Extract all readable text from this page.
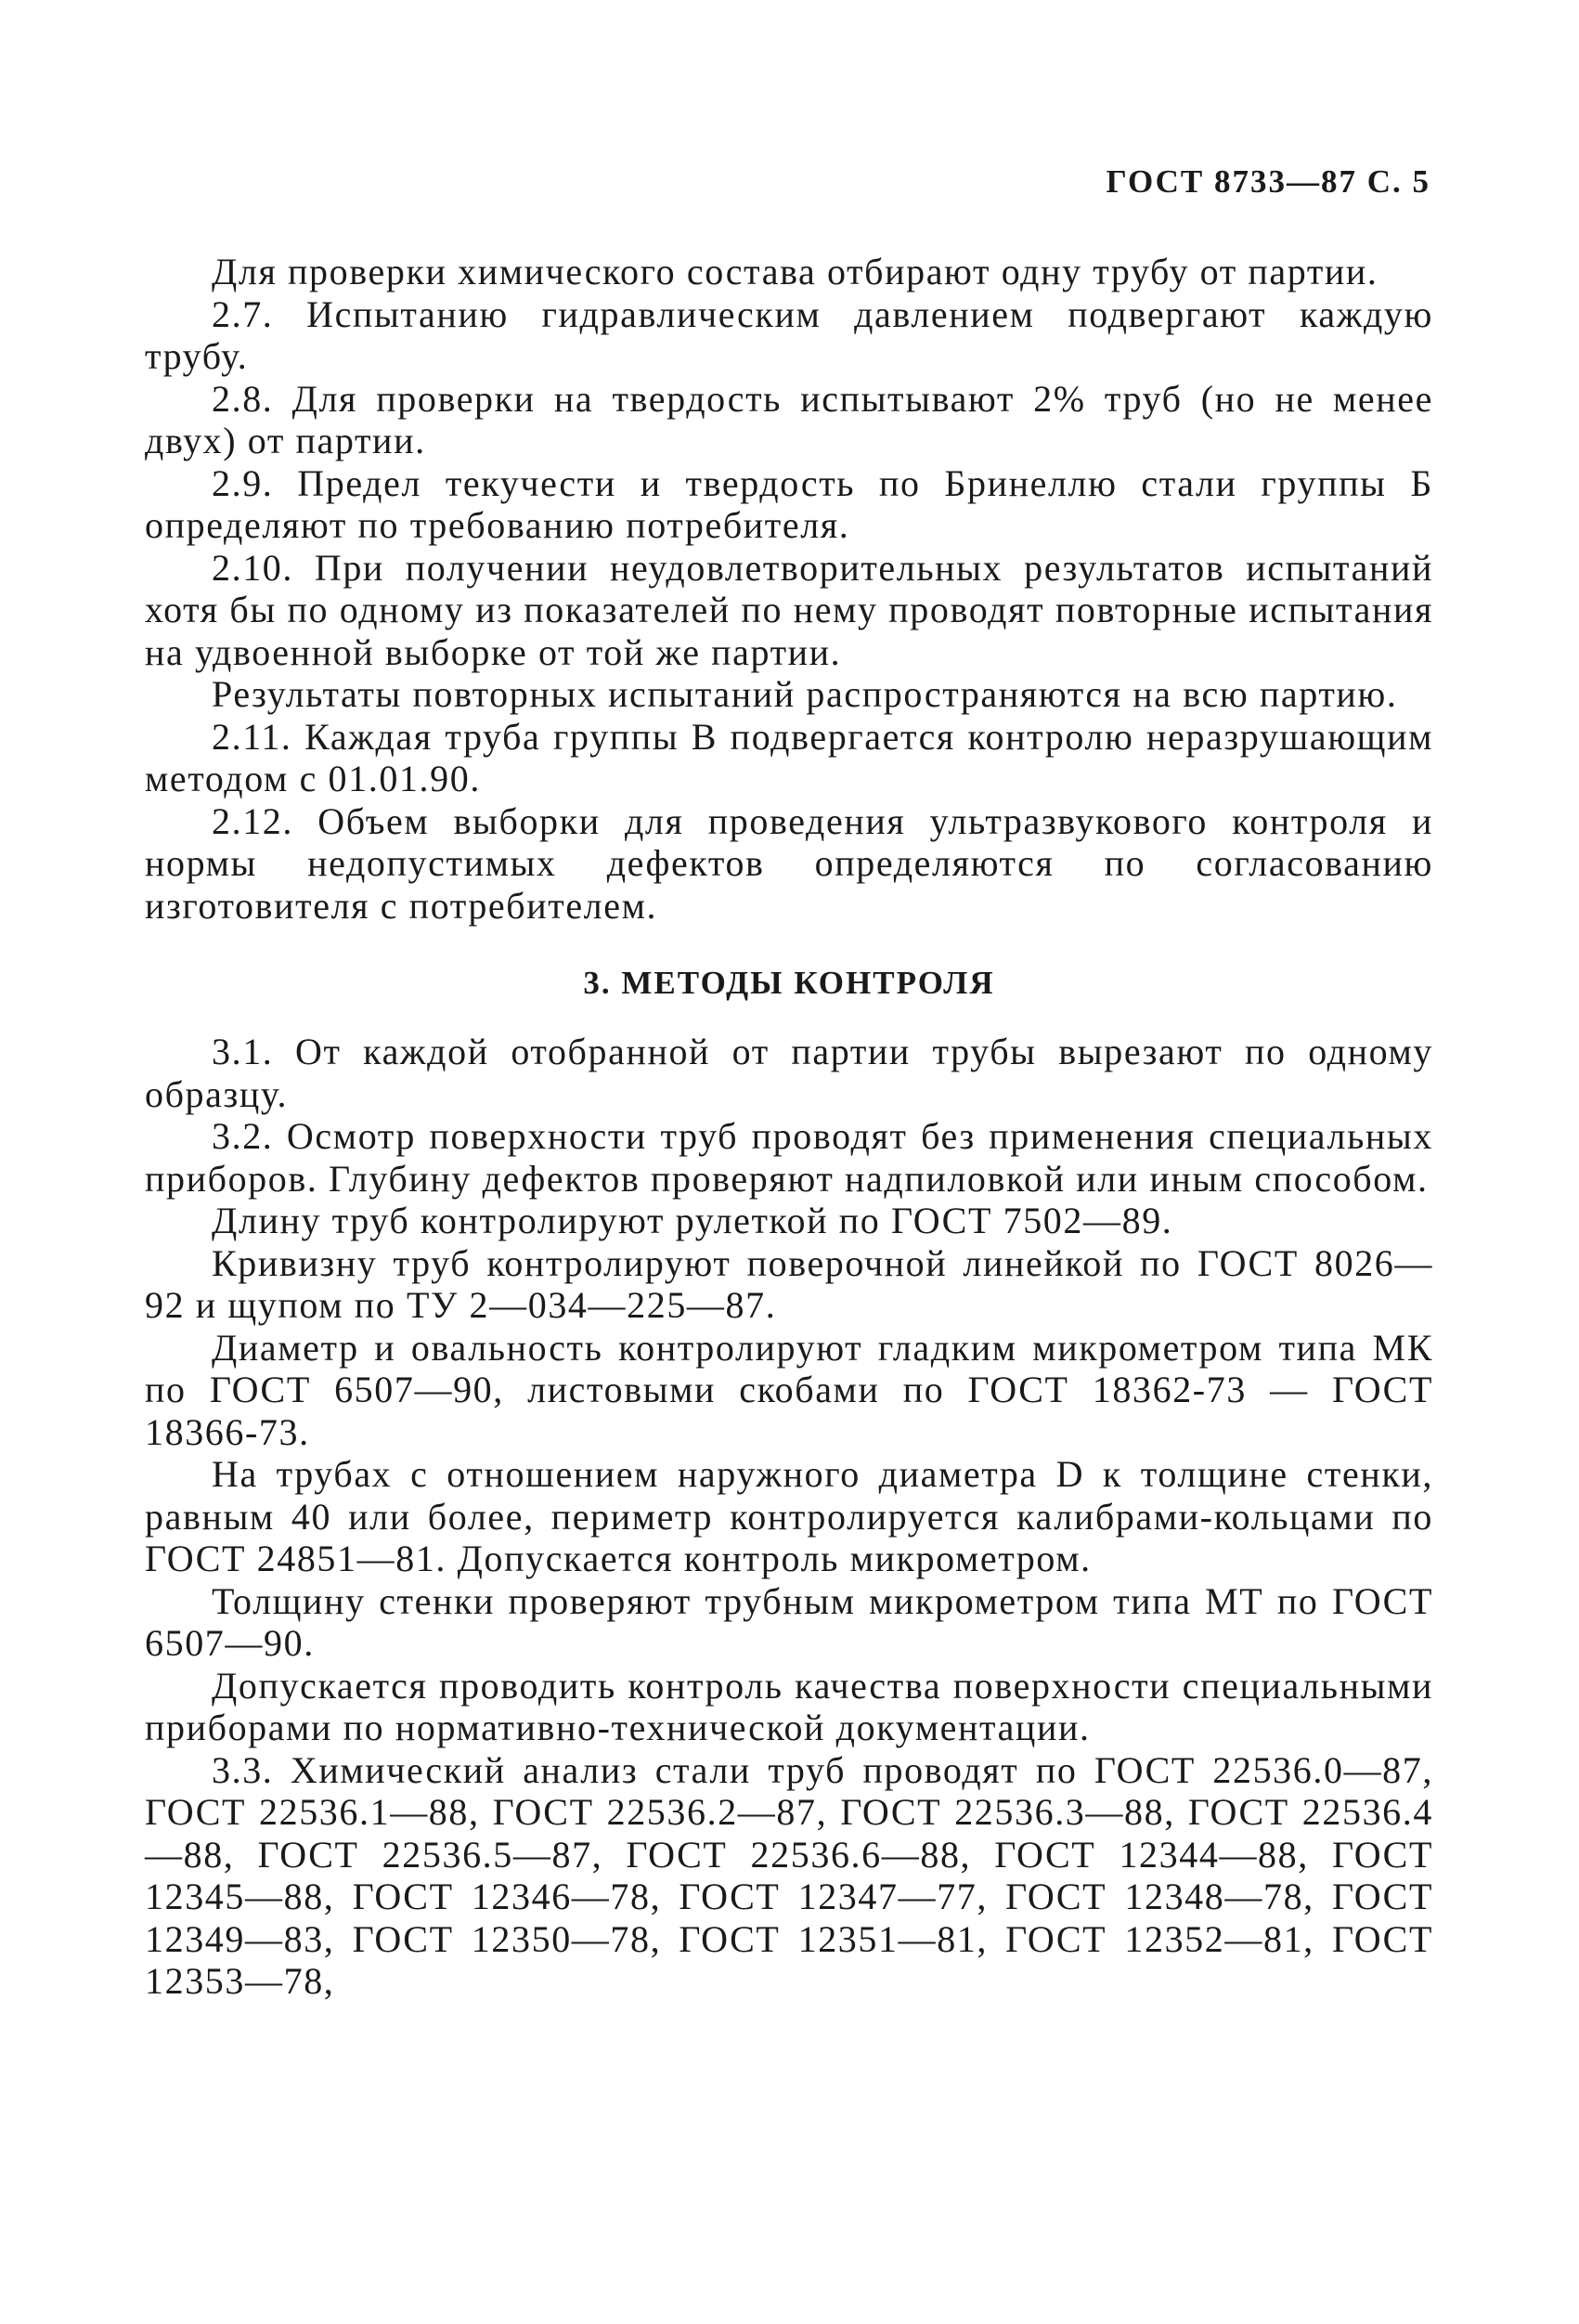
ГОСТ 8733—87 С. 5

Для проверки химического состава отбирают одну трубу от партии.

2.7. Испытанию гидравлическим давлением подвергают каждую трубу.

2.8. Для проверки на твердость испытывают 2% труб (но не менее двух) от партии.

2.9. Предел текучести и твердость по Бринеллю стали группы Б определяют по требованию потребителя.

2.10. При получении неудовлетворительных результатов испытаний хотя бы по одному из показателей по нему проводят повторные испытания на удвоенной выборке от той же партии.

Результаты повторных испытаний распространяются на всю партию.

2.11. Каждая труба группы В подвергается контролю неразрушающим методом с 01.01.90.

2.12. Объем выборки для проведения ультразвукового контроля и нормы недопустимых дефектов определяются по согласованию изготовителя с потребителем.

3. МЕТОДЫ КОНТРОЛЯ

3.1. От каждой отобранной от партии трубы вырезают по одному образцу.

3.2. Осмотр поверхности труб проводят без применения специальных приборов. Глубину дефектов проверяют надпиловкой или иным способом.

Длину труб контролируют рулеткой по ГОСТ 7502—89.

Кривизну труб контролируют поверочной линейкой по ГОСТ 8026—92 и щупом по ТУ 2—034—225—87.

Диаметр и овальность контролируют гладким микрометром типа МК по ГОСТ 6507—90, листовыми скобами по ГОСТ 18362-73 — ГОСТ 18366-73.

На трубах с отношением наружного диаметра D к толщине стенки, равным 40 или более, периметр контролируется калибрами-кольцами по ГОСТ 24851—81. Допускается контроль микрометром.

Толщину стенки проверяют трубным микрометром типа МТ по ГОСТ 6507—90.

Допускается проводить контроль качества поверхности специальными приборами по нормативно-технической документации.

3.3. Химический анализ стали труб проводят по ГОСТ 22536.0—87, ГОСТ 22536.1—88, ГОСТ 22536.2—87, ГОСТ 22536.3—88, ГОСТ 22536.4—88, ГОСТ 22536.5—87, ГОСТ 22536.6—88, ГОСТ 12344—88, ГОСТ 12345—88, ГОСТ 12346—78, ГОСТ 12347—77, ГОСТ 12348—78, ГОСТ 12349—83, ГОСТ 12350—78, ГОСТ 12351—81, ГОСТ 12352—81, ГОСТ 12353—78,
